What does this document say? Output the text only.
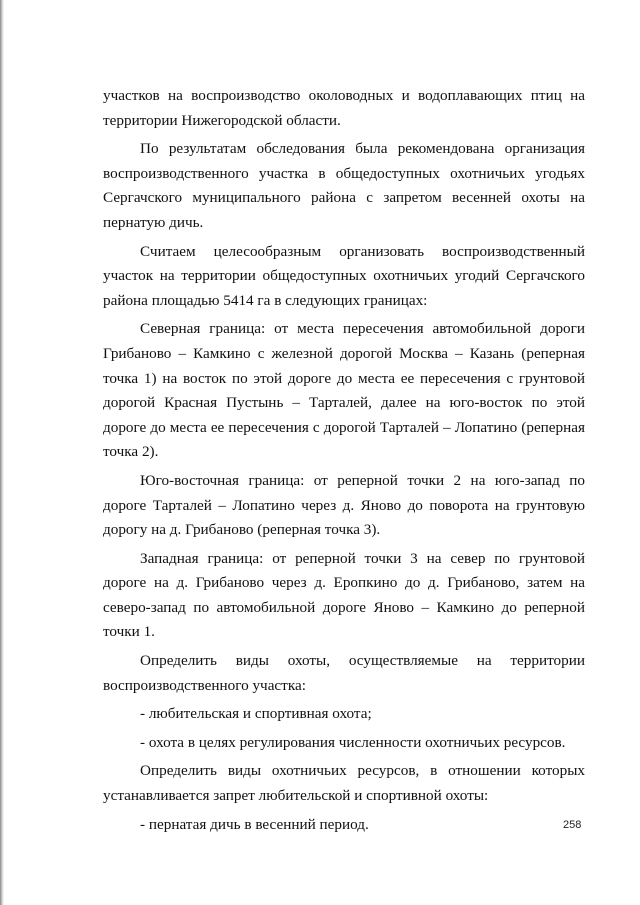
участков на воспроизводство околоводных и водоплавающих птиц на территории Нижегородской области.

По результатам обследования была рекомендована организация воспроизводственного участка в общедоступных охотничьих угодьях Сергачского муниципального района с запретом весенней охоты на пернатую дичь.

Считаем целесообразным организовать воспроизводственный участок на территории общедоступных охотничьих угодий Сергачского района площадью 5414 га в следующих границах:

Северная граница: от места пересечения автомобильной дороги Грибаново – Камкино с железной дорогой Москва – Казань (реперная точка 1) на восток по этой дороге до места ее пересечения с грунтовой дорогой Красная Пустынь – Тарталей, далее на юго-восток по этой дороге до места ее пересечения с дорогой Тарталей – Лопатино (реперная точка 2).

Юго-восточная граница: от реперной точки 2 на юго-запад по дороге Тарталей – Лопатино через д. Яново до поворота на грунтовую дорогу на д. Грибаново (реперная точка 3).

Западная граница: от реперной точки 3 на север по грунтовой дороге на д. Грибаново через д. Еропкино до д. Грибаново, затем на северо-запад по автомобильной дороге Яново – Камкино до реперной точки 1.

Определить виды охоты, осуществляемые на территории воспроизводственного участка:

- любительская и спортивная охота;

- охота в целях регулирования численности охотничьих ресурсов.

Определить виды охотничьих ресурсов, в отношении которых устанавливается запрет любительской и спортивной охоты:

- пернатая дичь в весенний период.	258
